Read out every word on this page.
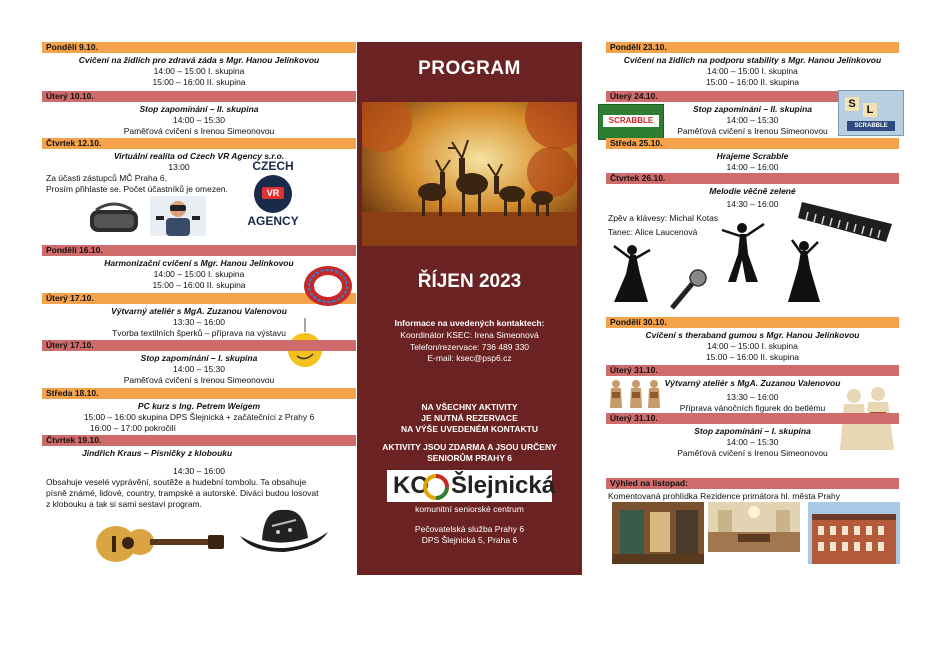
Pondělí 9.10.
Cvičení na židlích pro zdravá záda s Mgr. Hanou Jelínkovou
14:00 – 15:00 I. skupina
15:00 – 16:00 II. skupina
Úterý 10.10.
Stop zapomínání – II. skupina
14:00 – 15:30
Paměťová cvičení s Irenou Simeonovou
Čtvrtek 12.10.
Virtuální realita od Czech VR Agency s.r.o.
13:00
Za účasti zástupců MČ Praha 6.
Prosím přihlaste se. Počet účastníků je omezen.
CZECH
VR
AGENCY
Pondělí 16.10.
Harmonizační cvičení s Mgr. Hanou Jelínkovou
14:00 – 15:00 I. skupina
15:00 – 16:00 II. skupina
Úterý 17.10.
Výtvarný ateliér s MgA. Zuzanou Valenovou
13:30 – 16:00
Tvorba textilních šperků – příprava na výstavu
Úterý 17.10.
Stop zapomínání – I. skupina
14:00 – 15:30
Paměťová cvičení s Irenou Simeonovou
Středa 18.10.
PC kurz s Ing. Petrem Weigem
15:00 – 16:00 skupina DPS Šlejnická + začátečníci z Prahy 6
16:00 – 17:00 pokročilí
Čtvrtek 19.10.
Jindřich Kraus – Písničky z klobouku
14:30 – 16:00
Obsahuje veselé vyprávění, soutěže a hudební tombolu. Ta obsahuje
písně známé, lidové, country, trampské a autorské. Diváci budou losovat
z klobouku a tak si sami sestaví program.
PROGRAM
ŘÍJEN 2023
Informace na uvedených kontaktech:
Koordinátor KSEC: Irena Simeonová
Telefon/rezervace: 736 489 330
E-mail: ksec@psp6.cz
NA VŠECHNY AKTIVITY
JE NUTNÁ REZERVACE
NA VÝŠE UVEDENÉM KONTAKTU
AKTIVITY JSOU ZDARMA A JSOU URČENY
SENIORŮM PRAHY 6
KO Šlejnická
komunitní seniorské centrum
Pečovatelská služba Prahy 6
DPS Šlejnická 5, Praha 6
Pondělí 23.10.
Cvičení na židlích na podporu stability s Mgr. Hanou Jelínkovou
14:00 – 15:00 I. skupina
15:00 – 16:00 II. skupina
Úterý 24.10.
Stop zapomínání – II. skupina
14:00 – 15:30
Paměťová cvičení s Irenou Simeonovou
SCRABBLE
S L
SCRABBLE
Středa 25.10.
Hrajeme Scrabble
14:00 – 16:00
Čtvrtek 26.10.
Melodie věčně zelené
14:30 – 16:00
Zpěv a klávesy: Michal Kotas
Tanec: Alice Laucenová
Pondělí 30.10.
Cvičení s theraband gumou s Mgr. Hanou Jelínkovou
14:00 – 15:00 I. skupina
15:00 – 16:00 II. skupina
Úterý 31.10.
Výtvarný ateliér s MgA. Zuzanou Valenovou
13:30 – 16:00
Příprava vánočních figurek do betlému
Úterý 31.10.
Stop zapomínání – I. skupina
14:00 – 15:30
Paměťová cvičení s Irenou Simeonovou
Výhled na listopad:
Komentovaná prohlídka Rezidence primátora hl. města Prahy
